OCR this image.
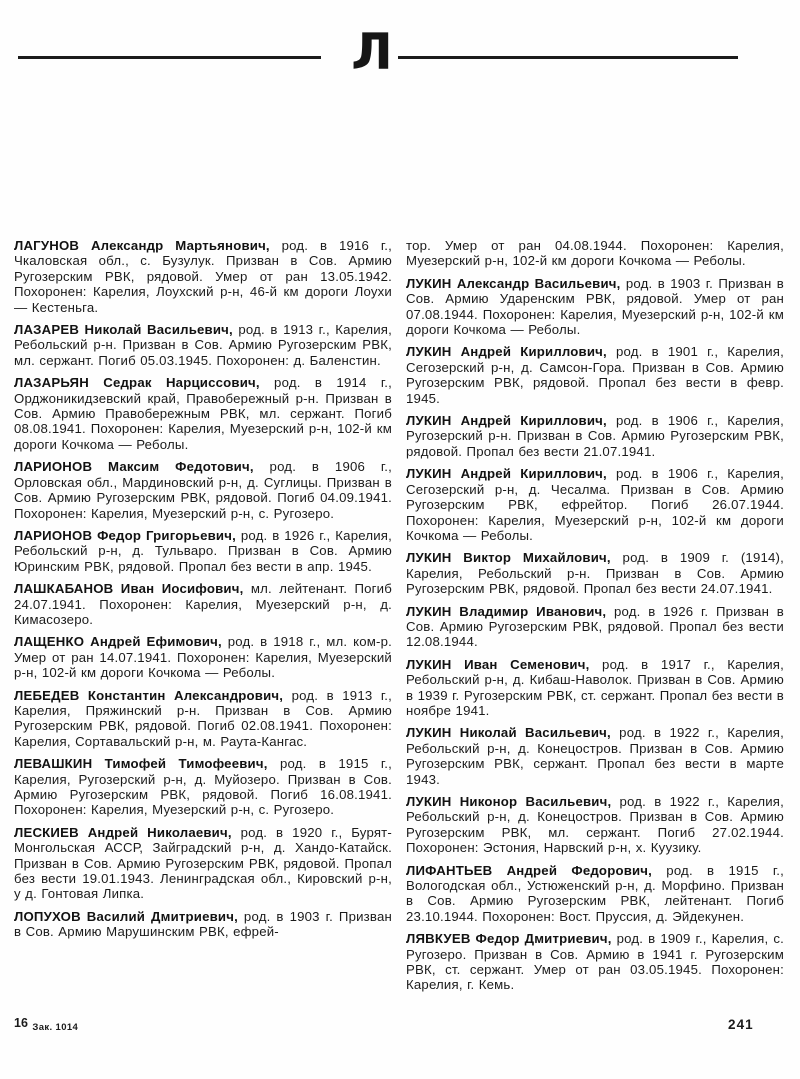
Л

ЛАГУНОВ Александр Мартьянович, род. в 1916 г., Чкаловская обл., с. Бузулук. Призван в Сов. Армию Ругозерским РВК, рядовой. Умер от ран 13.05.1942. Похоронен: Карелия, Лоухский р-н, 46-й км дороги Лоухи — Кестеньга.

ЛАЗАРЕВ Николай Васильевич, род. в 1913 г., Карелия, Ребольский р-н. Призван в Сов. Армию Ругозерским РВК, мл. сержант. Погиб 05.03.1945. Похоронен: д. Баленстин.

ЛАЗАРЬЯН Седрак Нарциссович, род. в 1914 г., Орджоникидзевский край, Правобережный р-н. Призван в Сов. Армию Правобережным РВК, мл. сержант. Погиб 08.08.1941. Похоронен: Карелия, Муезерский р-н, 102-й км дороги Кочкома — Реболы.

ЛАРИОНОВ Максим Федотович, род. в 1906 г., Орловская обл., Мардиновский р-н, д. Суглицы. Призван в Сов. Армию Ругозерским РВК, рядовой. Погиб 04.09.1941. Похоронен: Карелия, Муезерский р-н, с. Ругозеро.

ЛАРИОНОВ Федор Григорьевич, род. в 1926 г., Карелия, Ребольский р-н, д. Тульваро. Призван в Сов. Армию Юринским РВК, рядовой. Пропал без вести в апр. 1945.

ЛАШКАБАНОВ Иван Иосифович, мл. лейтенант. Погиб 24.07.1941. Похоронен: Карелия, Муезерский р-н, д. Кимасозеро.

ЛАЩЕНКО Андрей Ефимович, род. в 1918 г., мл. ком-р. Умер от ран 14.07.1941. Похоронен: Карелия, Муезерский р-н, 102-й км дороги Кочкома — Реболы.

ЛЕБЕДЕВ Константин Александрович, род. в 1913 г., Карелия, Пряжинский р-н. Призван в Сов. Армию Ругозерским РВК, рядовой. Погиб 02.08.1941. Похоронен: Карелия, Сортавальский р-н, м. Раута-Кангас.

ЛЕВАШКИН Тимофей Тимофеевич, род. в 1915 г., Карелия, Ругозерский р-н, д. Муйозеро. Призван в Сов. Армию Ругозерским РВК, рядовой. Погиб 16.08.1941. Похоронен: Карелия, Муезерский р-н, с. Ругозеро.

ЛЕСКИЕВ Андрей Николаевич, род. в 1920 г., Бурят-Монгольская АССР, Зайградский р-н, д. Хандо-Катайск. Призван в Сов. Армию Ругозерским РВК, рядовой. Пропал без вести 19.01.1943. Ленинградская обл., Кировский р-н, у д. Гонтовая Липка.

ЛОПУХОВ Василий Дмитриевич, род. в 1903 г. Призван в Сов. Армию Марушинским РВК, ефрей-

тор. Умер от ран 04.08.1944. Похоронен: Карелия, Муезерский р-н, 102-й км дороги Кочкома — Реболы.

ЛУКИН Александр Васильевич, род. в 1903 г. Призван в Сов. Армию Ударенским РВК, рядовой. Умер от ран 07.08.1944. Похоронен: Карелия, Муезерский р-н, 102-й км дороги Кочкома — Реболы.

ЛУКИН Андрей Кириллович, род. в 1901 г., Карелия, Сегозерский р-н, д. Самсон-Гора. Призван в Сов. Армию Ругозерским РВК, рядовой. Пропал без вести в февр. 1945.

ЛУКИН Андрей Кириллович, род. в 1906 г., Карелия, Ругозерский р-н. Призван в Сов. Армию Ругозерским РВК, рядовой. Пропал без вести 21.07.1941.

ЛУКИН Андрей Кириллович, род. в 1906 г., Карелия, Сегозерский р-н, д. Чесалма. Призван в Сов. Армию Ругозерским РВК, ефрейтор. Погиб 26.07.1944. Похоронен: Карелия, Муезерский р-н, 102-й км дороги Кочкома — Реболы.

ЛУКИН Виктор Михайлович, род. в 1909 г. (1914), Карелия, Ребольский р-н. Призван в Сов. Армию Ругозерским РВК, рядовой. Пропал без вести 24.07.1941.

ЛУКИН Владимир Иванович, род. в 1926 г. Призван в Сов. Армию Ругозерским РВК, рядовой. Пропал без вести 12.08.1944.

ЛУКИН Иван Семенович, род. в 1917 г., Карелия, Ребольский р-н, д. Кибаш-Наволок. Призван в Сов. Армию в 1939 г. Ругозерским РВК, ст. сержант. Пропал без вести в ноябре 1941.

ЛУКИН Николай Васильевич, род. в 1922 г., Карелия, Ребольский р-н, д. Конецостров. Призван в Сов. Армию Ругозерским РВК, сержант. Пропал без вести в марте 1943.

ЛУКИН Никонор Васильевич, род. в 1922 г., Карелия, Ребольский р-н, д. Конецостров. Призван в Сов. Армию Ругозерским РВК, мл. сержант. Погиб 27.02.1944. Похоронен: Эстония, Нарвский р-н, х. Куузику.

ЛИФАНТЬЕВ Андрей Федорович, род. в 1915 г., Вологодская обл., Устюженский р-н, д. Морфино. Призван в Сов. Армию Ругозерским РВК, лейтенант. Погиб 23.10.1944. Похоронен: Вост. Пруссия, д. Эйдекунен.

ЛЯВКУЕВ Федор Дмитриевич, род. в 1909 г., Карелия, с. Ругозеро. Призван в Сов. Армию в 1941 г. Ругозерским РВК, ст. сержант. Умер от ран 03.05.1945. Похоронен: Карелия, г. Кемь.

16 Зак. 1014	241
